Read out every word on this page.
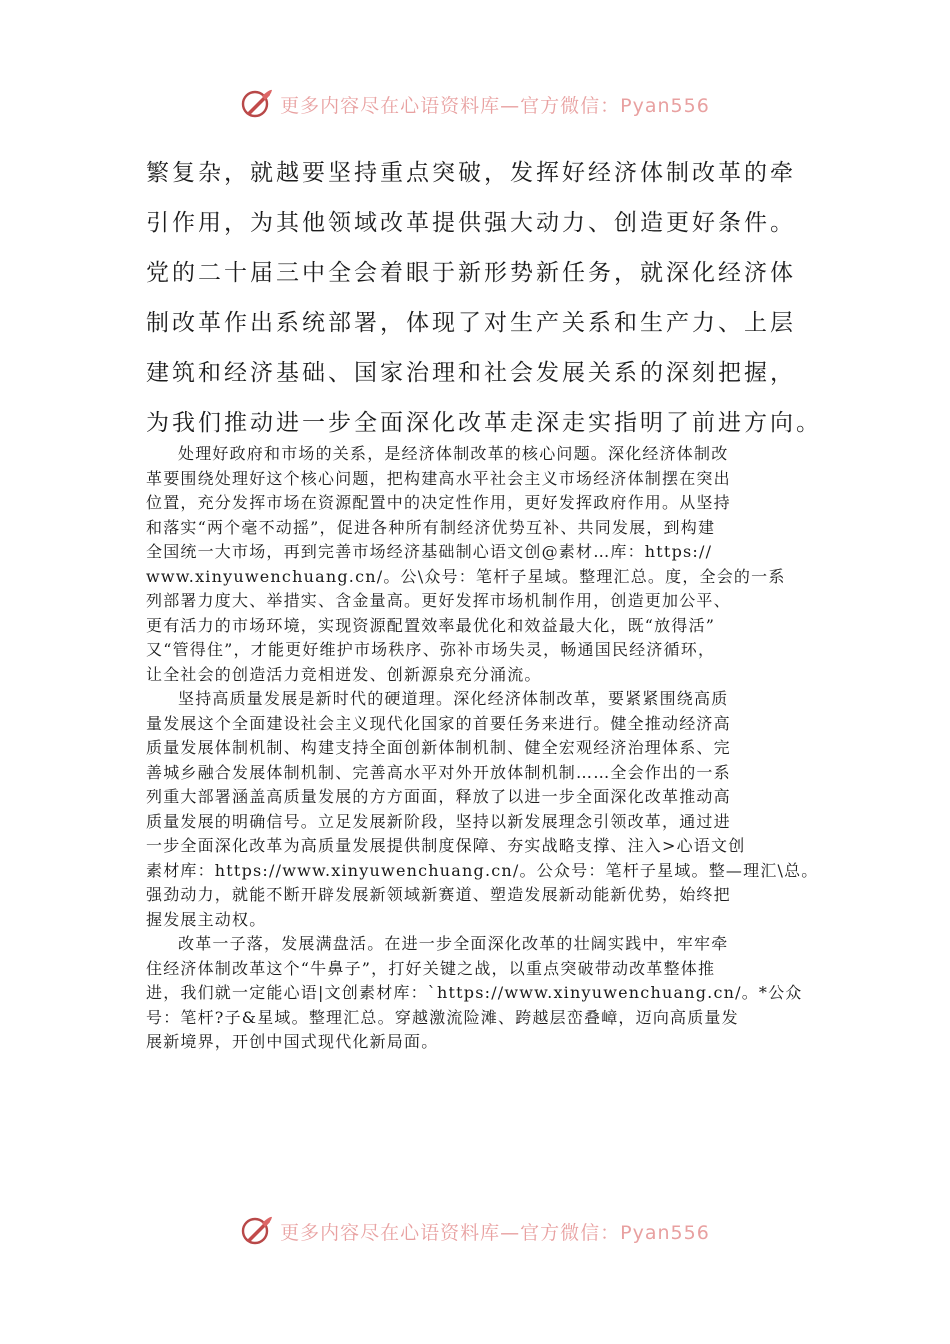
更多内容尽在心语资料库—官方微信：Pyan556
繁复杂，就越要坚持重点突破，发挥好经济体制改革的牵
引作用，为其他领域改革提供强大动力、创造更好条件。
党的二十届三中全会着眼于新形势新任务，就深化经济体
制改革作出系统部署，体现了对生产关系和生产力、上层
建筑和经济基础、国家治理和社会发展关系的深刻把握，
为我们推动进一步全面深化改革走深走实指明了前进方向。

处理好政府和市场的关系，是经济体制改革的核心问题。深化经济体制改
革要围绕处理好这个核心问题，把构建高水平社会主义市场经济体制摆在突出
位置，充分发挥市场在资源配置中的决定性作用，更好发挥政府作用。从坚持
和落实“两个毫不动摇”，促进各种所有制经济优势互补、共同发展，到构建
全国统一大市场，再到完善市场经济基础制心语文创@素材…库：https://
www.xinyuwenchuang.cn/。公\众号：笔杆子星域。整理汇总。度，全会的一系
列部署力度大、举措实、含金量高。更好发挥市场机制作用，创造更加公平、
更有活力的市场环境，实现资源配置效率最优化和效益最大化，既“放得活”
又“管得住”，才能更好维护市场秩序、弥补市场失灵，畅通国民经济循环，
让全社会的创造活力竞相迸发、创新源泉充分涌流。

坚持高质量发展是新时代的硬道理。深化经济体制改革，要紧紧围绕高质
量发展这个全面建设社会主义现代化国家的首要任务来进行。健全推动经济高
质量发展体制机制、构建支持全面创新体制机制、健全宏观经济治理体系、完
善城乡融合发展体制机制、完善高水平对外开放体制机制……全会作出的一系
列重大部署涵盖高质量发展的方方面面，释放了以进一步全面深化改革推动高
质量发展的明确信号。立足发展新阶段，坚持以新发展理念引领改革，通过进
一步全面深化改革为高质量发展提供制度保障、夯实战略支撑、注入>心语文创
素材库：https://www.xinyuwenchuang.cn/。公众号：笔杆子星域。整—理汇\总。
强劲动力，就能不断开辟发展新领域新赛道、塑造发展新动能新优势，始终把
握发展主动权。

改革一子落，发展满盘活。在进一步全面深化改革的壮阔实践中，牢牢牵
住经济体制改革这个“牛鼻子”，打好关键之战，以重点突破带动改革整体推
进，我们就一定能心语|文创素材库：`https://www.xinyuwenchuang.cn/。*公众
号：笔杆?子&星域。整理汇总。穿越激流险滩、跨越层峦叠嶂，迈向高质量发
展新境界，开创中国式现代化新局面。

更多内容尽在心语资料库—官方微信：Pyan556
